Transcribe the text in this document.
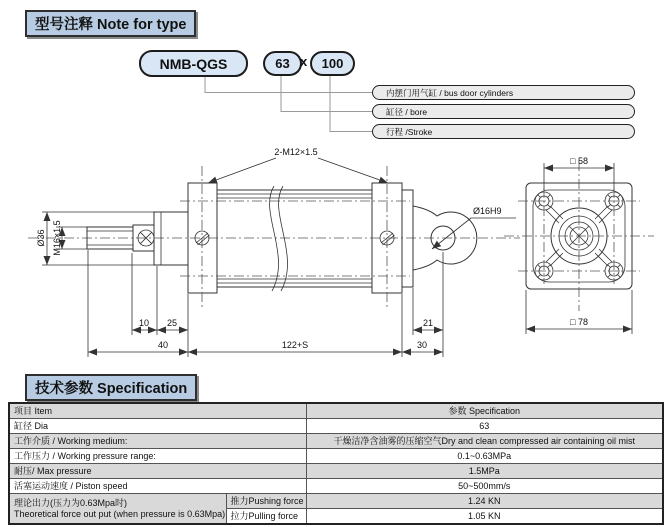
Ø16H9
2-M12×1.5
Ø36 M16×1.5
10 25	21
40	122+S	30
□ 58
□ 78
型号注释 Note for type
技术参数 Specification
NMB-QGS	63 x	100
内摆门用气缸 / bus door cylinders
缸径 / bore
行程 /Stroke
项目 Item		参数 Specification
缸径 Dia		63
工作介质 / Working medium:		干燥洁净含油雾的压缩空气Dry and clean compressed air containing oil mist
工作压力 / Working pressure range:		0.1~0.63MPa
耐压/ Max pressure		1.5MPa
活塞运动速度 / Piston speed		50~500mm/s

理论出力(压力为0.63Mpa时)
Theoretical force out put (when pressure is 0.63Mpa)	推力Pushing force	1.24 KN
	拉力Pulling force	1.05 KN
